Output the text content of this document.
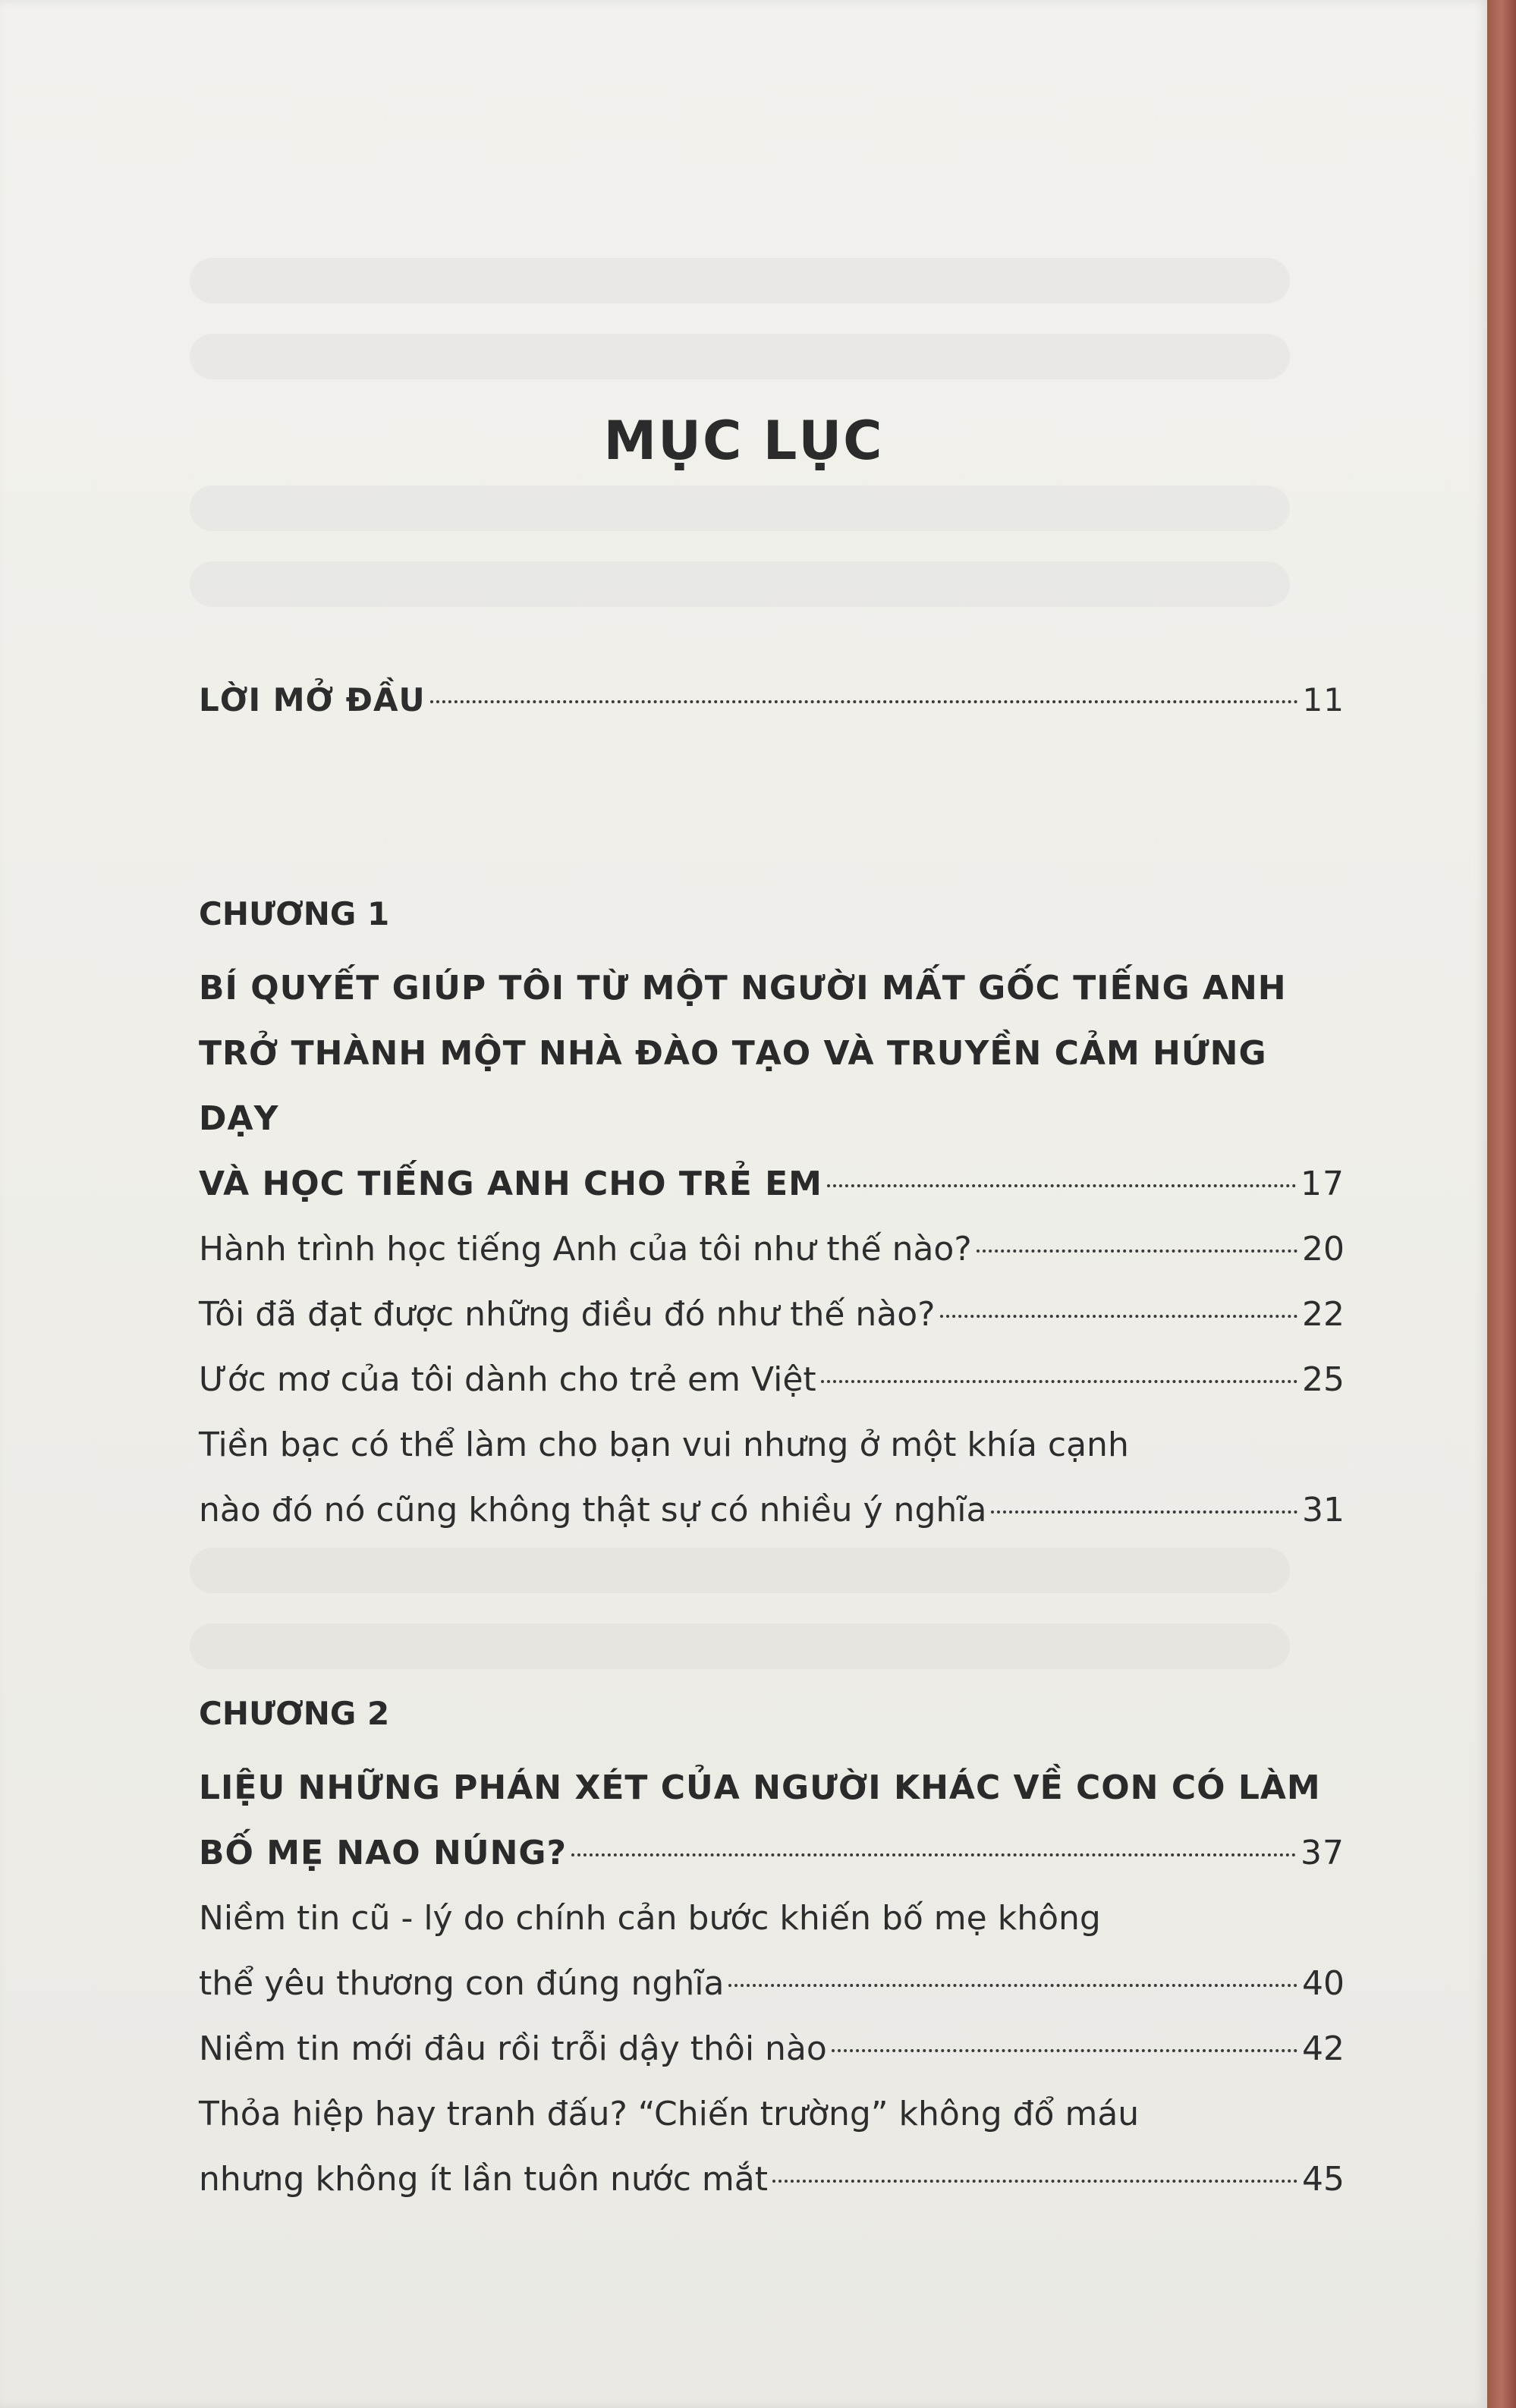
MỤC LỤC
LỜI MỞ ĐẦU	11
CHƯƠNG 1
BÍ QUYẾT GIÚP TÔI TỪ MỘT NGƯỜI MẤT GỐC TIẾNG ANH
TRỞ THÀNH MỘT NHÀ ĐÀO TẠO VÀ TRUYỀN CẢM HỨNG DẠY
VÀ HỌC TIẾNG ANH CHO TRẺ EM	17
Hành trình học tiếng Anh của tôi như thế nào?	20
Tôi đã đạt được những điều đó như thế nào?	22
Ước mơ của tôi dành cho trẻ em Việt	25
Tiền bạc có thể làm cho bạn vui nhưng ở một khía cạnh
nào đó nó cũng không thật sự có nhiều ý nghĩa	31
CHƯƠNG 2
LIỆU NHỮNG PHÁN XÉT CỦA NGƯỜI KHÁC VỀ CON CÓ LÀM
BỐ MẸ NAO NÚNG?	37
Niềm tin cũ - lý do chính cản bước khiến bố mẹ không
thể yêu thương con đúng nghĩa	40
Niềm tin mới đâu rồi trỗi dậy thôi nào	42
Thỏa hiệp hay tranh đấu? “Chiến trường” không đổ máu
nhưng không ít lần tuôn nước mắt	45
